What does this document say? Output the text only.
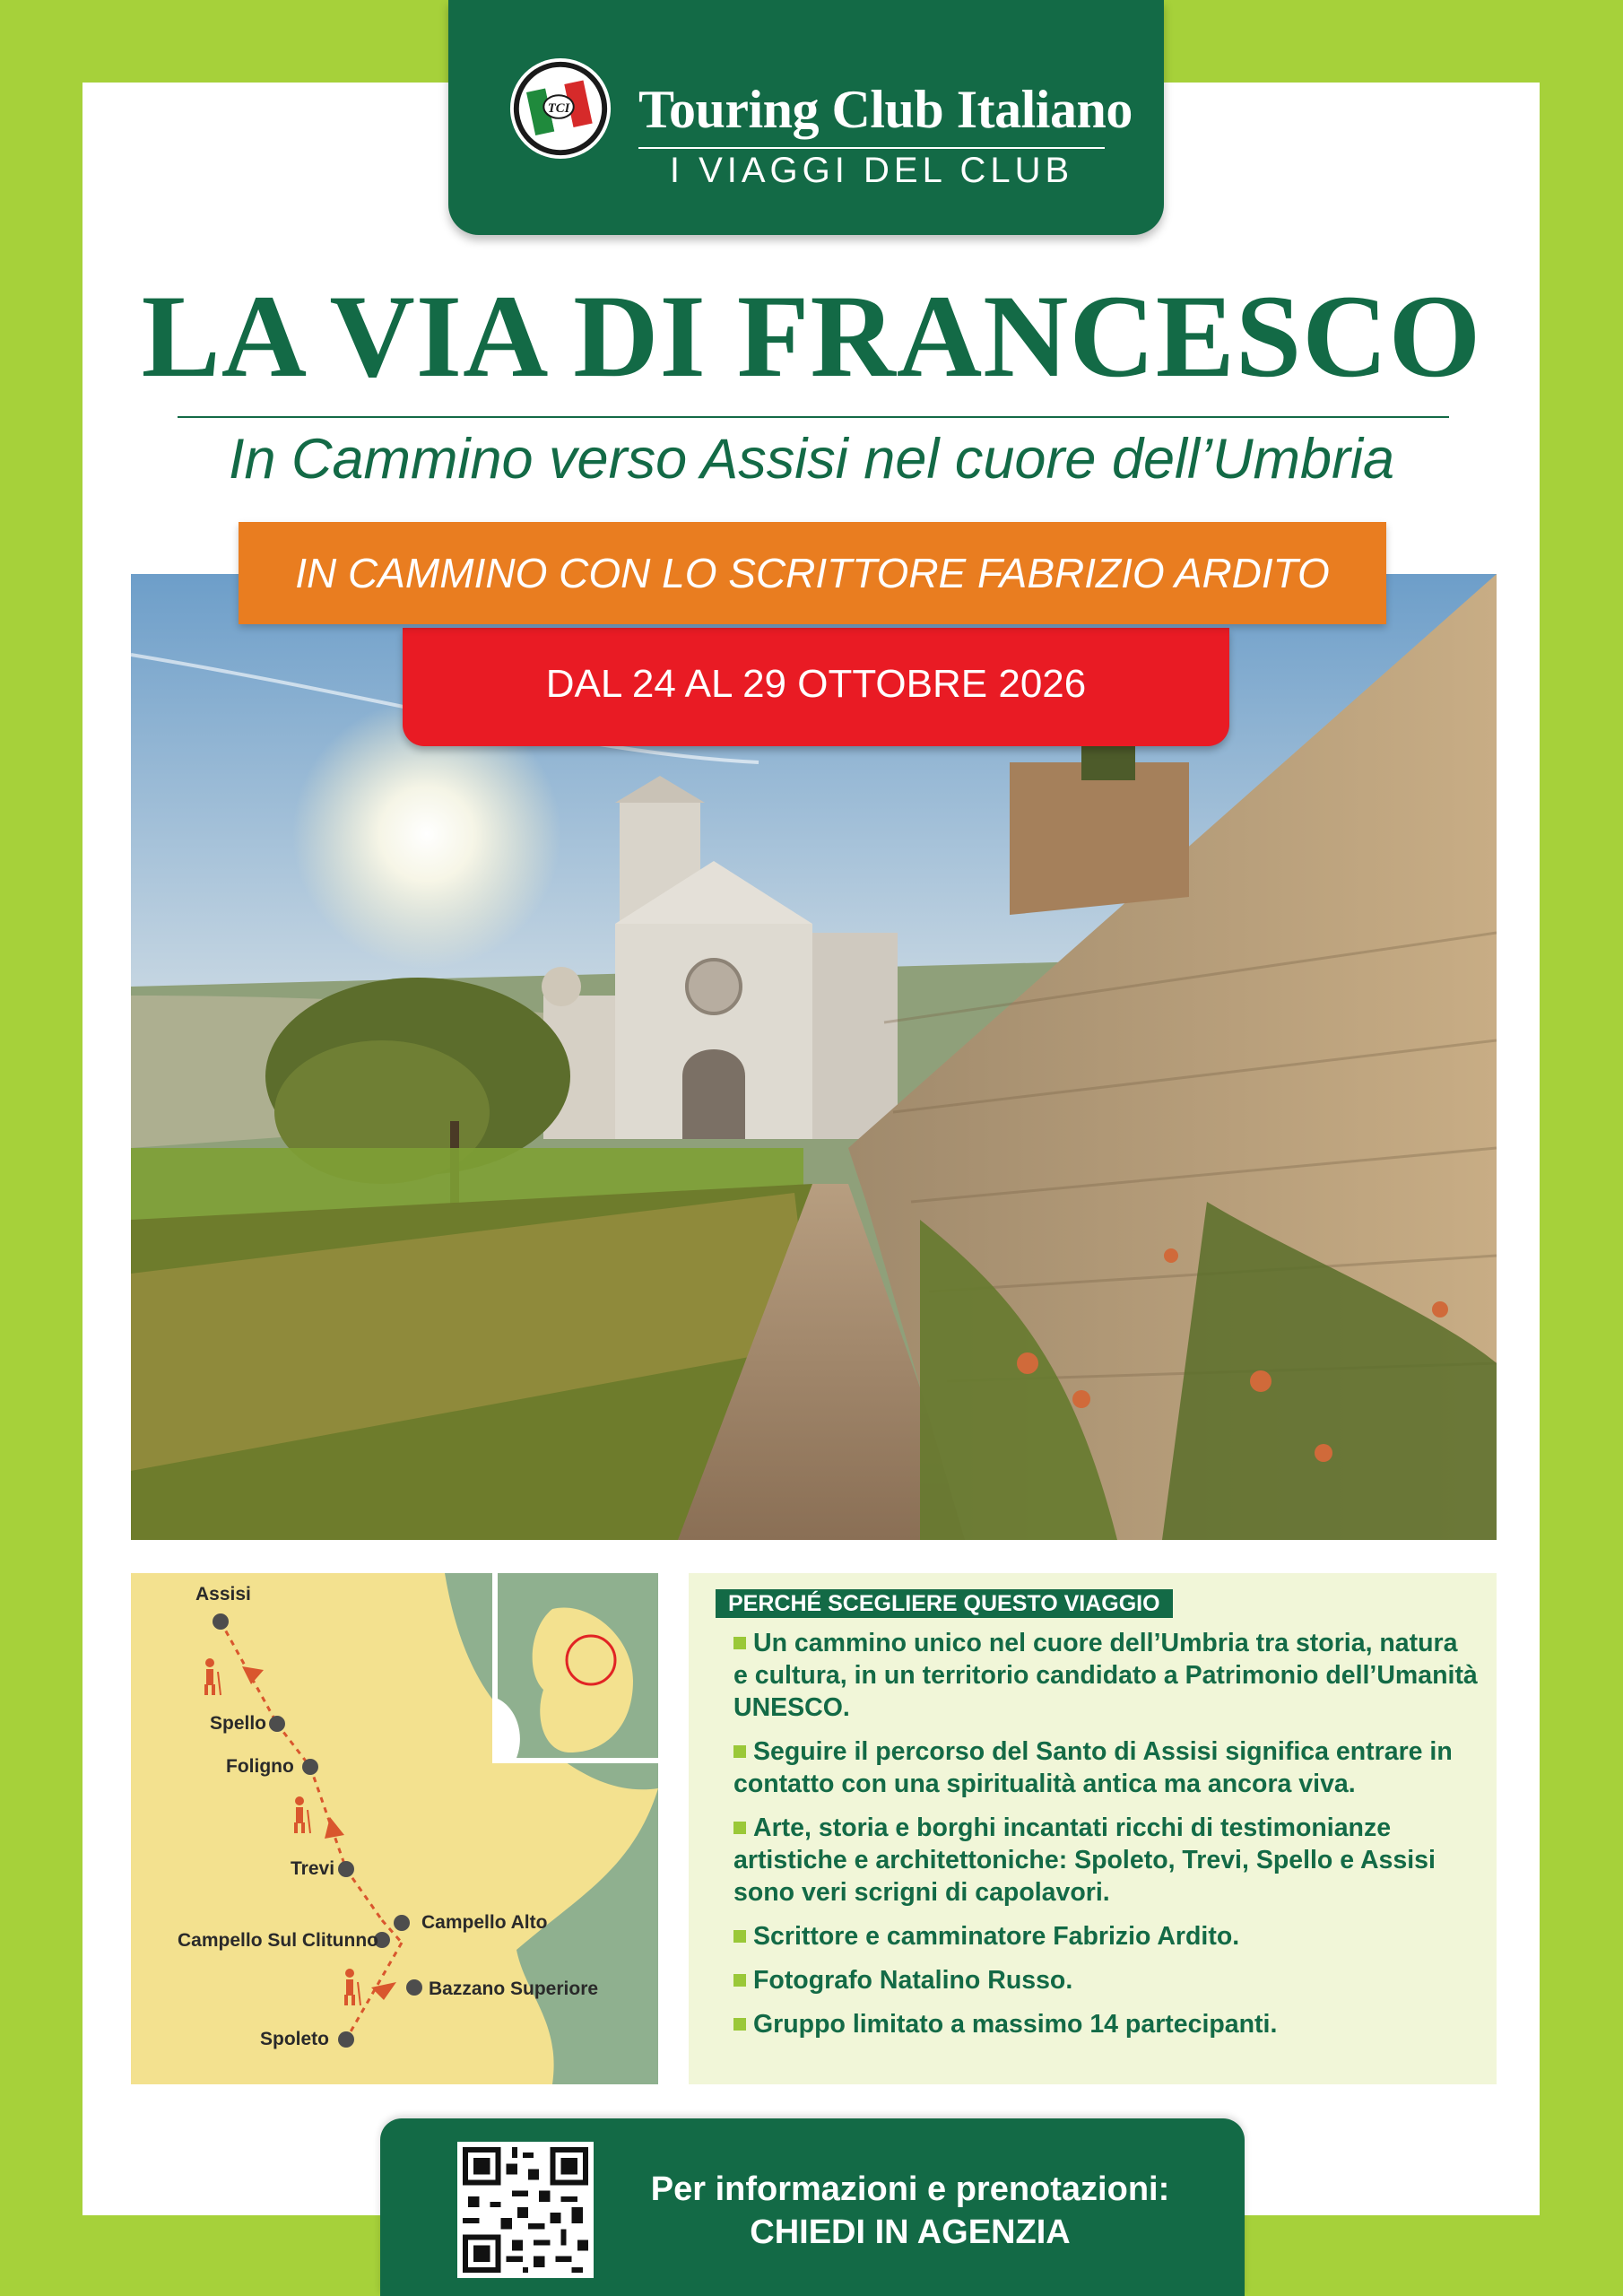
TCI Touring Club Italiano
I VIAGGI DEL CLUB
LA VIA DI FRANCESCO
In Cammino verso Assisi nel cuore dell’Umbria
DAL 24 AL 29 OTTOBRE 2026
IN CAMMINO CON LO SCRITTORE FABRIZIO ARDITO
Assisi
Spello
Foligno
Trevi
Campello Alto
Campello Sul Clitunno
Bazzano Superiore
Spoleto
PERCHÉ SCEGLIERE QUESTO VIAGGIO
Un cammino unico nel cuore dell’Umbria tra storia, natura e cultura, in un territorio candidato a Patrimonio dell’Umanità UNESCO.
Seguire il percorso del Santo di Assisi significa entrare in contatto con una spiritualità antica ma ancora viva.
Arte, storia e borghi incantati ricchi di testimonianze artistiche e architettoniche: Spoleto, Trevi, Spello e Assisi sono veri scrigni di capolavori.
Scrittore e camminatore Fabrizio Ardito.
Fotografo Natalino Russo.
Gruppo limitato a massimo 14 partecipanti.
Per informazioni e prenotazioni:
CHIEDI IN AGENZIA
